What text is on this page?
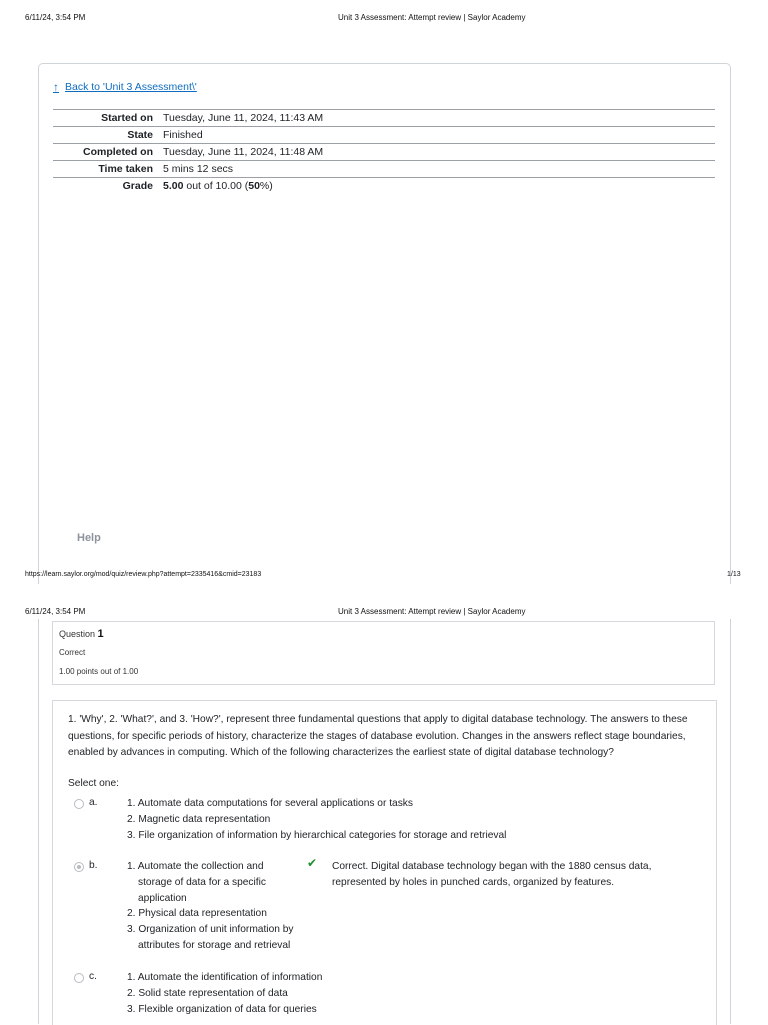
6/11/24, 3:54 PM	Unit 3 Assessment: Attempt review | Saylor Academy
↑ Back to 'Unit 3 Assessment\'
Started on	Tuesday, June 11, 2024, 11:43 AM
State	Finished
Completed on	Tuesday, June 11, 2024, 11:48 AM
Time taken	5 mins 12 secs
Grade	5.00 out of 10.00 (50%)
Help
https://learn.saylor.org/mod/quiz/review.php?attempt=2335416&cmid=23183	1/13
6/11/24, 3:54 PM	Unit 3 Assessment: Attempt review | Saylor Academy
Question 1
Correct
1.00 points out of 1.00
1. 'Why', 2. 'What?', and 3. 'How?', represent three fundamental questions that apply to digital database technology. The answers to these questions, for specific periods of history, characterize the stages of database evolution. Changes in the answers reflect stage boundaries, enabled by advances in computing. Which of the following characterizes the earliest state of digital database technology?
Select one:
a.	1. Automate data computations for several applications or tasks
2. Magnetic data representation
3. File organization of information by hierarchical categories for storage and retrieval
b.	1. Automate the collection and
storage of data for a specific
application
2. Physical data representation
3. Organization of unit information by
attributes for storage and retrieval
✔ Correct. Digital database technology began with the 1880 census data, represented by holes in punched cards, organized by features.
c.	1. Automate the identification of information
2. Solid state representation of data
3. Flexible organization of data for queries
